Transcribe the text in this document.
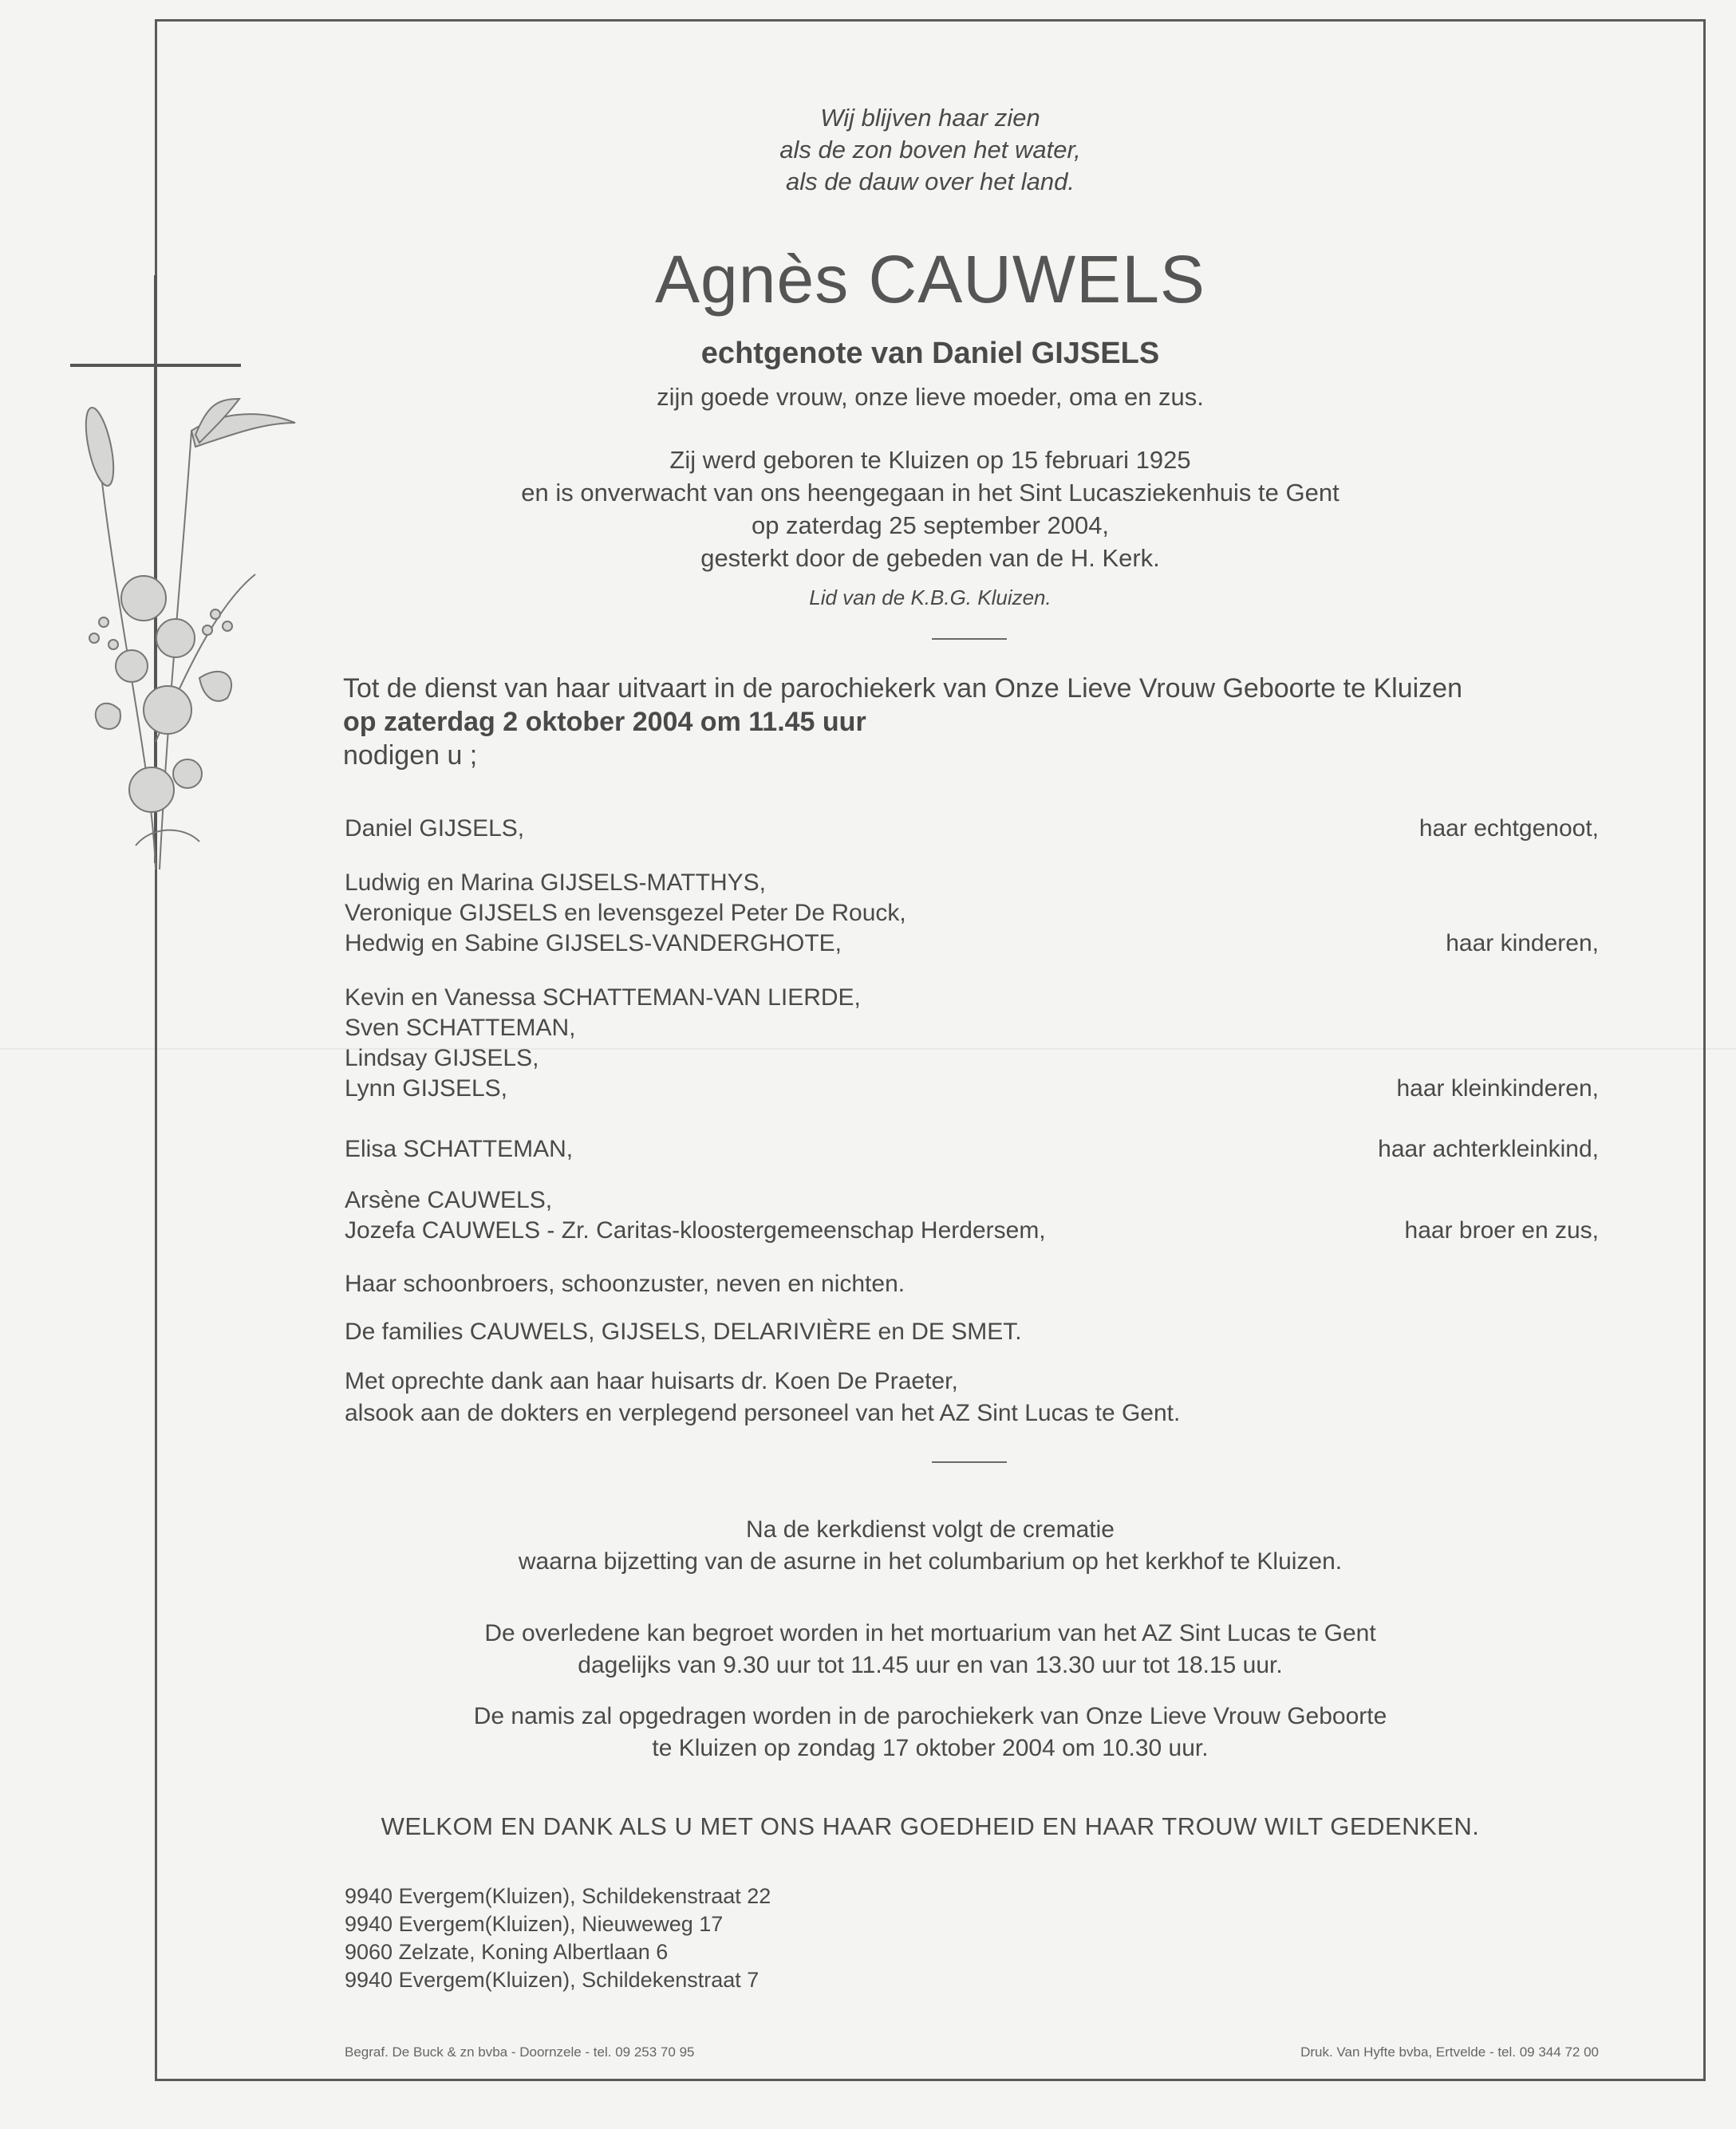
Wij blijven haar zien
als de zon boven het water,
als de dauw over het land.
Agnès CAUWELS
echtgenote van Daniel GIJSELS
zijn goede vrouw, onze lieve moeder, oma en zus.
Zij werd geboren te Kluizen op 15 februari 1925
en is onverwacht van ons heengegaan in het Sint Lucasziekenhuis te Gent
op zaterdag 25 september 2004,
gesterkt door de gebeden van de H. Kerk.
Lid van de K.B.G. Kluizen.
Tot de dienst van haar uitvaart in de parochiekerk van Onze Lieve Vrouw Geboorte te Kluizen
op zaterdag 2 oktober 2004 om 11.45 uur
nodigen u ;
Daniel GIJSELS,	haar echtgenoot,
Ludwig en Marina GIJSELS-MATTHYS,
Veronique GIJSELS en levensgezel Peter De Rouck,
Hedwig en Sabine GIJSELS-VANDERGHOTE,	haar kinderen,
Kevin en Vanessa SCHATTEMAN-VAN LIERDE,
Sven SCHATTEMAN,
Lindsay GIJSELS,
Lynn GIJSELS,	haar kleinkinderen,
Elisa SCHATTEMAN,	haar achterkleinkind,
Arsène CAUWELS,
Jozefa CAUWELS - Zr. Caritas-kloostergemeenschap Herdersem,	haar broer en zus,
Haar schoonbroers, schoonzuster, neven en nichten.
De families CAUWELS, GIJSELS, DELARIVIÈRE en DE SMET.
Met oprechte dank aan haar huisarts dr. Koen De Praeter,
alsook aan de dokters en verplegend personeel van het AZ Sint Lucas te Gent.
Na de kerkdienst volgt de crematie
waarna bijzetting van de asurne in het columbarium op het kerkhof te Kluizen.
De overledene kan begroet worden in het mortuarium van het AZ Sint Lucas te Gent
dagelijks van 9.30 uur tot 11.45 uur en van 13.30 uur tot 18.15 uur.
De namis zal opgedragen worden in de parochiekerk van Onze Lieve Vrouw Geboorte
te Kluizen op zondag 17 oktober 2004 om 10.30 uur.
WELKOM EN DANK ALS U MET ONS HAAR GOEDHEID EN HAAR TROUW WILT GEDENKEN.
9940 Evergem(Kluizen), Schildekenstraat 22
9940 Evergem(Kluizen), Nieuweweg 17
9060 Zelzate, Koning Albertlaan 6
9940 Evergem(Kluizen), Schildekenstraat 7
Begraf. De Buck & zn bvba - Doornzele - tel. 09 253 70 95	Druk. Van Hyfte bvba, Ertvelde - tel. 09 344 72 00
